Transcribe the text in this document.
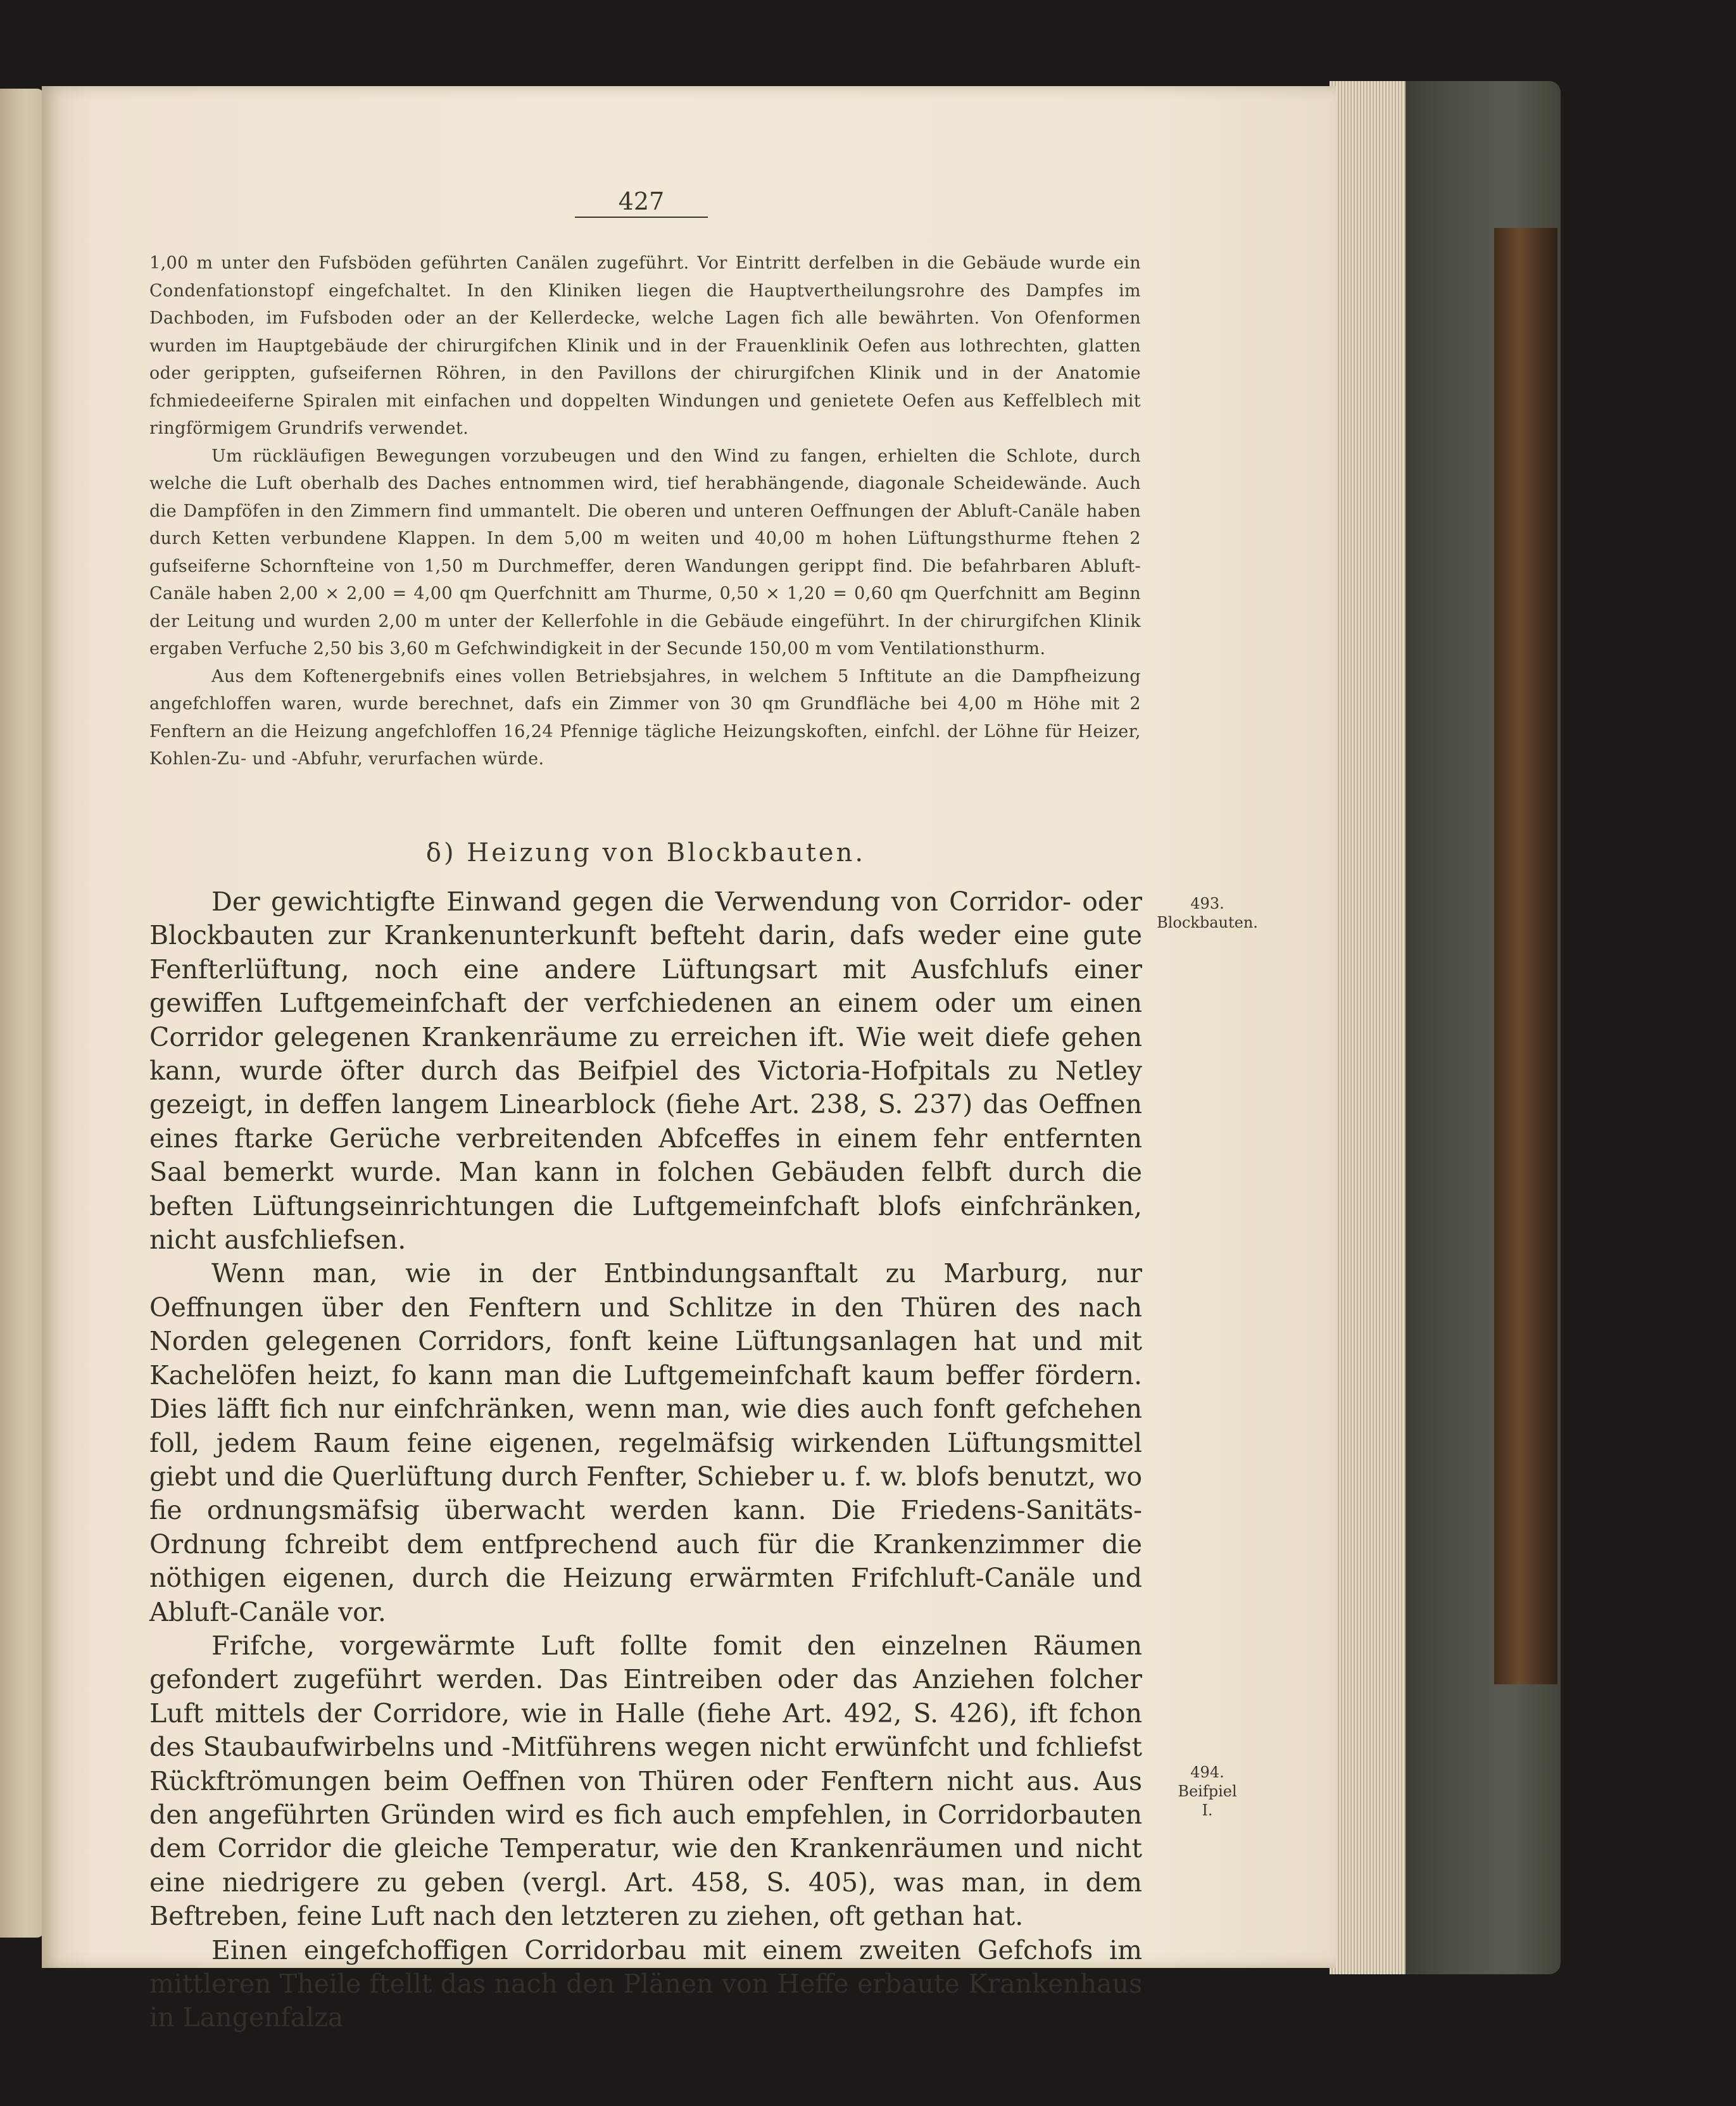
427

1,00 m unter den Fufsböden geführten Canälen zugeführt. Vor Eintritt derfelben in die Gebäude wurde ein Condenfationstopf eingefchaltet. In den Kliniken liegen die Hauptvertheilungsrohre des Dampfes im Dachboden, im Fufsboden oder an der Kellerdecke, welche Lagen fich alle bewährten. Von Ofenformen wurden im Hauptgebäude der chirurgifchen Klinik und in der Frauenklinik Oefen aus lothrechten, glatten oder gerippten, gufseifernen Röhren, in den Pavillons der chirurgifchen Klinik und in der Anatomie fchmiedeeiferne Spiralen mit einfachen und doppelten Windungen und genietete Oefen aus Keffelblech mit ringförmigem Grundrifs verwendet.

Um rückläufigen Bewegungen vorzubeugen und den Wind zu fangen, erhielten die Schlote, durch welche die Luft oberhalb des Daches entnommen wird, tief herabhängende, diagonale Scheidewände. Auch die Dampföfen in den Zimmern find ummantelt. Die oberen und unteren Oeffnungen der Abluft-Canäle haben durch Ketten verbundene Klappen. In dem 5,00 m weiten und 40,00 m hohen Lüftungsthurme ftehen 2 gufseiferne Schornfteine von 1,50 m Durchmeffer, deren Wandungen gerippt find. Die befahrbaren Abluft-Canäle haben 2,00 × 2,00 = 4,00 qm Querfchnitt am Thurme, 0,50 × 1,20 = 0,60 qm Querfchnitt am Beginn der Leitung und wurden 2,00 m unter der Kellerfohle in die Gebäude eingeführt. In der chirurgifchen Klinik ergaben Verfuche 2,50 bis 3,60 m Gefchwindigkeit in der Secunde 150,00 m vom Ventilationsthurm.

Aus dem Koftenergebnifs eines vollen Betriebsjahres, in welchem 5 Inftitute an die Dampfheizung angefchloffen waren, wurde berechnet, dafs ein Zimmer von 30 qm Grundfläche bei 4,00 m Höhe mit 2 Fenftern an die Heizung angefchloffen 16,24 Pfennige tägliche Heizungskoften, einfchl. der Löhne für Heizer, Kohlen-Zu- und -Abfuhr, verurfachen würde.

δ) Heizung von Blockbauten.

Der gewichtigfte Einwand gegen die Verwendung von Corridor- oder Blockbauten zur Krankenunterkunft befteht darin, dafs weder eine gute Fenfterlüftung, noch eine andere Lüftungsart mit Ausfchlufs einer gewiffen Luftgemeinfchaft der verfchiedenen an einem oder um einen Corridor gelegenen Krankenräume zu erreichen ift. Wie weit diefe gehen kann, wurde öfter durch das Beifpiel des Victoria-Hofpitals zu Netley gezeigt, in deffen langem Linearblock (fiehe Art. 238, S. 237) das Oeffnen eines ftarke Gerüche verbreitenden Abfceffes in einem fehr entfernten Saal bemerkt wurde. Man kann in folchen Gebäuden felbft durch die beften Lüftungseinrichtungen die Luftgemeinfchaft blofs einfchränken, nicht ausfchliefsen.

Wenn man, wie in der Entbindungsanftalt zu Marburg, nur Oeffnungen über den Fenftern und Schlitze in den Thüren des nach Norden gelegenen Corridors, fonft keine Lüftungsanlagen hat und mit Kachelöfen heizt, fo kann man die Luftgemeinfchaft kaum beffer fördern. Dies läfft fich nur einfchränken, wenn man, wie dies auch fonft gefchehen foll, jedem Raum feine eigenen, regelmäfsig wirkenden Lüftungsmittel giebt und die Querlüftung durch Fenfter, Schieber u. f. w. blofs benutzt, wo fie ordnungsmäfsig überwacht werden kann. Die Friedens-Sanitäts-Ordnung fchreibt dem entfprechend auch für die Krankenzimmer die nöthigen eigenen, durch die Heizung erwärmten Frifchluft-Canäle und Abluft-Canäle vor.

Frifche, vorgewärmte Luft follte fomit den einzelnen Räumen gefondert zugeführt werden. Das Eintreiben oder das Anziehen folcher Luft mittels der Corridore, wie in Halle (fiehe Art. 492, S. 426), ift fchon des Staubaufwirbelns und -Mitführens wegen nicht erwünfcht und fchliefst Rückftrömungen beim Oeffnen von Thüren oder Fenftern nicht aus. Aus den angeführten Gründen wird es fich auch empfehlen, in Corridorbauten dem Corridor die gleiche Temperatur, wie den Krankenräumen und nicht eine niedrigere zu geben (vergl. Art. 458, S. 405), was man, in dem Beftreben, feine Luft nach den letzteren zu ziehen, oft gethan hat.

Einen eingefchoffigen Corridorbau mit einem zweiten Gefchofs im mittleren Theile ftellt das nach den Plänen von Heffe erbaute Krankenhaus in Langenfalza

493.
Blockbauten.
494.
Beifpiel
I.
